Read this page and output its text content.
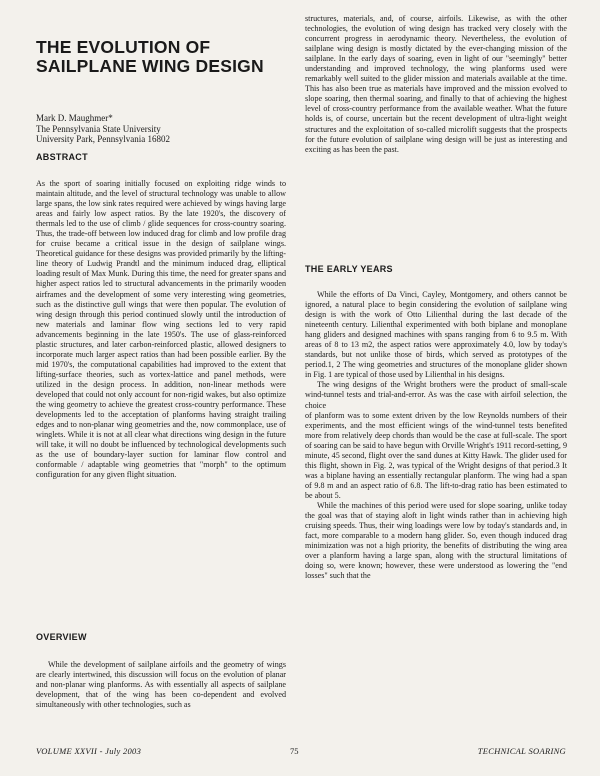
THE EVOLUTION OF
SAILPLANE WING DESIGN
Mark D. Maughmer*
The Pennsylvania State University
University Park, Pennsylvania 16802
ABSTRACT

As the sport of soaring initially focused on exploiting ridge winds to maintain altitude, and the level of structural technology was unable to allow large spans, the low sink rates required were achieved by wings having large areas and fairly low aspect ratios. By the late 1920's, the discovery of thermals led to the use of climb / glide sequences for cross-country soaring. Thus, the trade-off between low induced drag for climb and low profile drag for cruise became a critical issue in the design of sailplane wings. Theoretical guidance for these designs was provided primarily by the lifting-line theory of Ludwig Prandtl and the minimum induced drag, elliptical loading result of Max Munk. During this time, the need for greater spans and higher aspect ratios led to structural advancements in the primarily wooden airframes and the development of some very interesting wing geometries, such as the distinctive gull wings that were then popular. The evolution of wing design through this period continued slowly until the introduction of new materials and laminar flow wing sections led to very rapid advancements beginning in the late 1950's. The use of glass-reinforced plastic structures, and later carbon-reinforced plastic, allowed designers to incorporate much larger aspect ratios than had been possible earlier. By the mid 1970's, the computational capabilities had improved to the extent that lifting-surface theories, such as vortex-lattice and panel methods, were utilized in the design process. In addition, non-linear methods were developed that could not only account for non-rigid wakes, but also optimize the wing geometry to achieve the greatest cross-country performance. These developments led to the acceptation of planforms having straight trailing edges and to non-planar wing geometries and the, now commonplace, use of winglets. While it is not at all clear what directions wing design in the future will take, it will no doubt be influenced by technological developments such as the use of boundary-layer suction for laminar flow control and conformable / adaptable wing geometries that "morph" to the optimum configuration for any given flight situation.

OVERVIEW

While the development of sailplane airfoils and the geometry of wings are clearly intertwined, this discussion will focus on the evolution of planar and non-planar wing planforms. As with essentially all aspects of sailplane development, that of the wing has been co-dependent and evolved simultaneously with other technologies, such as

structures, materials, and, of course, airfoils. Likewise, as with the other technologies, the evolution of wing design has tracked very closely with the concurrent progress in aerodynamic theory. Nevertheless, the evolution of sailplane wing design is mostly dictated by the ever-changing mission of the sailplane. In the early days of soaring, even in light of our "seemingly" better understanding and improved technology, the wing planforms used were remarkably well suited to the glider mission and materials available at the time. This has also been true as materials have improved and the mission evolved to slope soaring, then thermal soaring, and finally to that of achieving the highest level of cross-country performance from the available weather. What the future holds is, of course, uncertain but the recent development of ultra-light weight structures and the exploitation of so-called microlift suggests that the prospects for the future evolution of sailplane wing design will be just as interesting and exciting as has been the past.

THE EARLY YEARS

While the efforts of Da Vinci, Cayley, Montgomery, and others cannot be ignored, a natural place to begin considering the evolution of sailplane wing design is with the work of Otto Lilienthal during the last decade of the nineteenth century. Lilienthal experimented with both biplane and monoplane hang gliders and designed machines with spans ranging from 6 to 9.5 m. With areas of 8 to 13 m2, the aspect ratios were approximately 4.0, low by today's standards, but not unlike those of birds, which served as prototypes of the period.1, 2 The wing geometries and structures of the monoplane glider shown in Fig. 1 are typical of those used by Lilienthal in his designs.

The wing designs of the Wright brothers were the product of small-scale wind-tunnel tests and trial-and-error. As was the case with airfoil selection, the choice

of planform was to some extent driven by the low Reynolds numbers of their experiments, and the most efficient wings of the wind-tunnel tests benefited more from relatively deep chords than would be the case at full-scale. The sport of soaring can be said to have begun with Orville Wright's 1911 record-setting, 9 minute, 45 second, flight over the sand dunes at Kitty Hawk. The glider used for this flight, shown in Fig. 2, was typical of the Wright designs of that period.3 It was a biplane having an essentially rectangular planform. The wing had a span of 9.8 m and an aspect ratio of 6.8. The lift-to-drag ratio has been estimated to be about 5.

While the machines of this period were used for slope soaring, unlike today the goal was that of staying aloft in light winds rather than in achieving high cruising speeds. Thus, their wing loadings were low by today's standards and, in fact, more comparable to a modern hang glider. So, even though induced drag minimization was not a high priority, the benefits of distributing the wing area over a planform having a large span, along with the structural limitations of doing so, were known; however, these were understood as lowering the "end losses" such that the

VOLUME XXVII - July 2003	75	TECHNICAL SOARING
